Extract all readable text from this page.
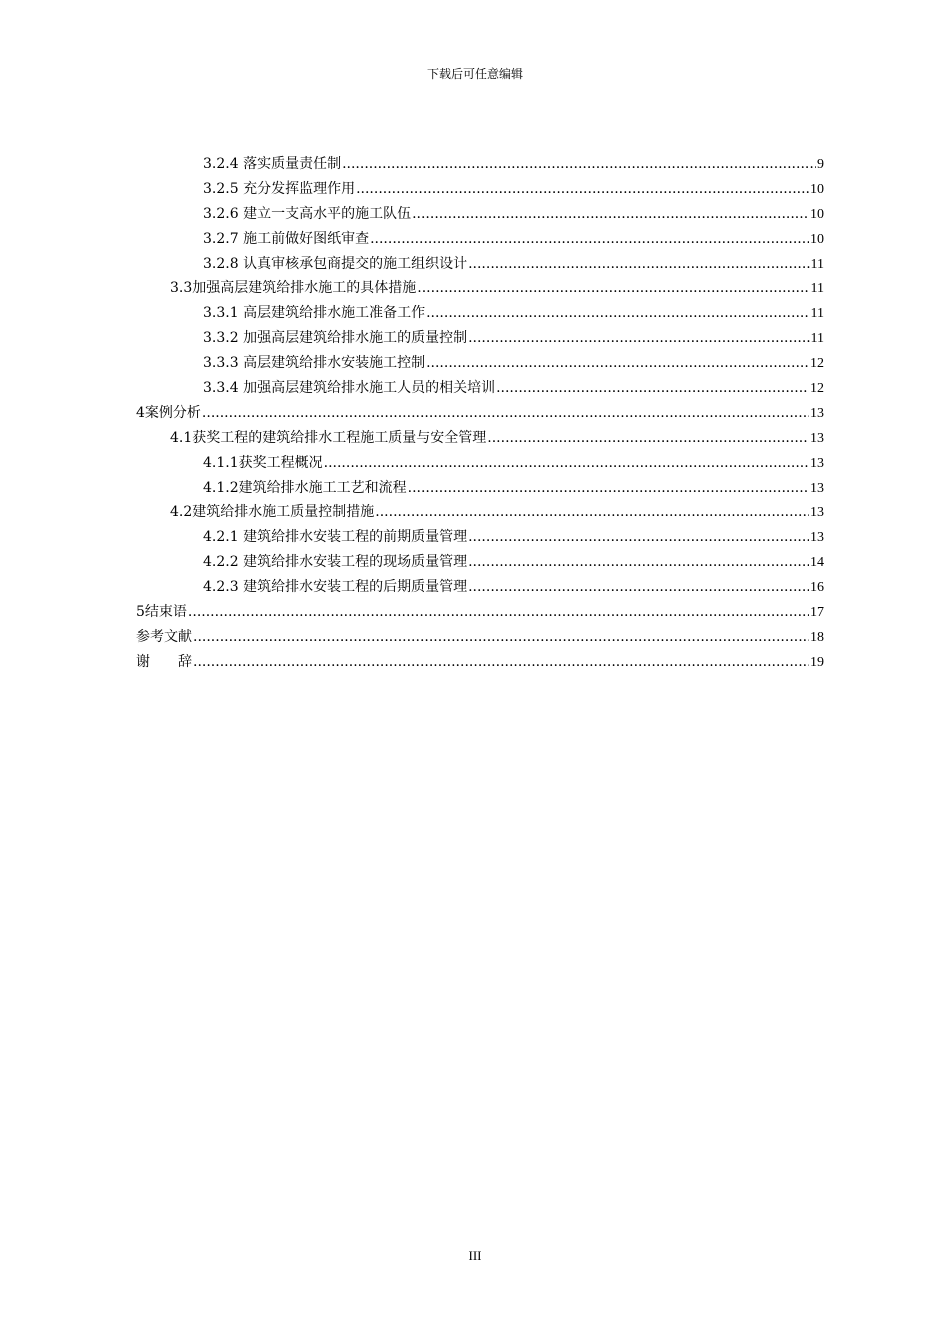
下载后可任意编辑
3.2.4 落实质量责任制 .....	9
3.2.5 充分发挥监理作用 .....	10
3.2.6 建立一支高水平的施工队伍 .....	10
3.2.7 施工前做好图纸审查 .....	10
3.2.8 认真审核承包商提交的施工组织设计 .....	11
3.3加强高层建筑给排水施工的具体措施 .....	11
3.3.1 高层建筑给排水施工准备工作 .....	11
3.3.2 加强高层建筑给排水施工的质量控制 .....	11
3.3.3 高层建筑给排水安装施工控制 .....	12
3.3.4 加强高层建筑给排水施工人员的相关培训 .....	12
4案例分析 .....	13
4.1获奖工程的建筑给排水工程施工质量与安全管理 .....	13
4.1.1获奖工程概况 .....	13
4.1.2建筑给排水施工工艺和流程 .....	13
4.2建筑给排水施工质量控制措施 .....	13
4.2.1 建筑给排水安装工程的前期质量管理 .....	13
4.2.2 建筑给排水安装工程的现场质量管理 .....	14
4.2.3 建筑给排水安装工程的后期质量管理 .....	16
5结束语 .....	17
参考文献 .....	18
谢　　辞 .....	19
III
